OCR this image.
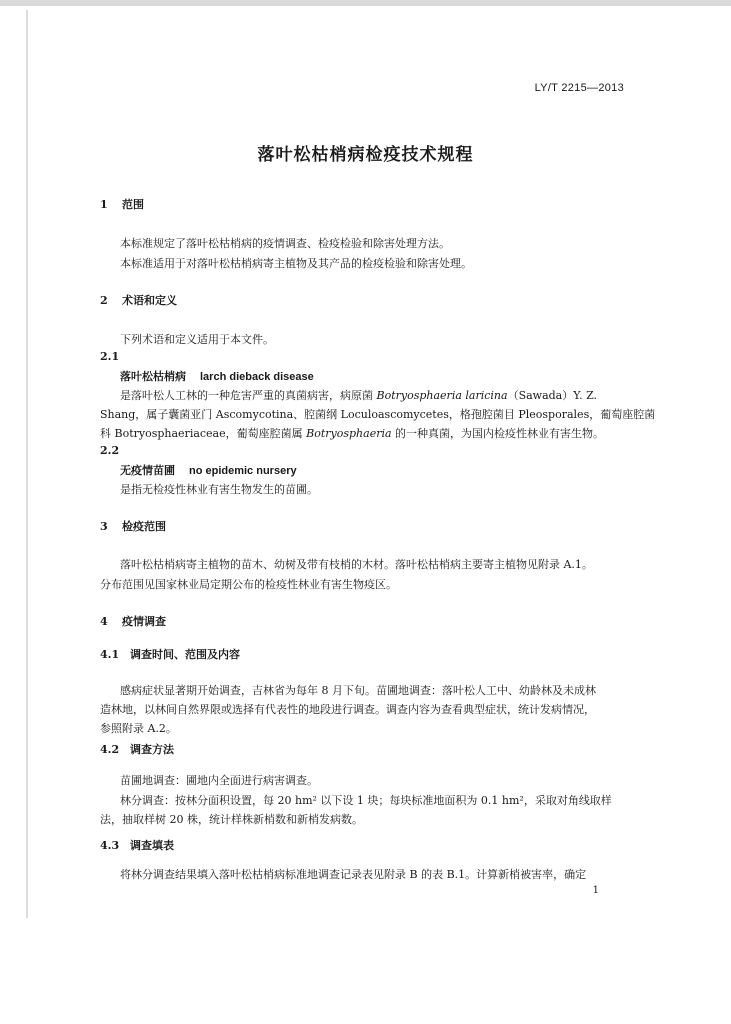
LY/T 2215—2013
落叶松枯梢病检疫技术规程
1 范围
本标准规定了落叶松枯梢病的疫情调查、检疫检验和除害处理方法。
本标准适用于对落叶松枯梢病寄主植物及其产品的检疫检验和除害处理。
2 术语和定义
下列术语和定义适用于本文件。
2.1
落叶松枯梢病 larch dieback disease
是落叶松人工林的一种危害严重的真菌病害，病原菌 Botryosphaeria laricina（Sawada）Y. Z.
Shang，属子囊菌亚门 Ascomycotina、腔菌纲 Loculoascomycetes，格孢腔菌目 Pleosporales，葡萄座腔菌
科 Botryosphaeriaceae，葡萄座腔菌属 Botryosphaeria 的一种真菌，为国内检疫性林业有害生物。
2.2
无疫情苗圃 no epidemic nursery
是指无检疫性林业有害生物发生的苗圃。
3 检疫范围
落叶松枯梢病寄主植物的苗木、幼树及带有枝梢的木材。落叶松枯梢病主要寄主植物见附录 A.1。
分布范围见国家林业局定期公布的检疫性林业有害生物疫区。
4 疫情调查
4.1 调查时间、范围及内容
感病症状显著期开始调查，吉林省为每年 8 月下旬。苗圃地调查：落叶松人工中、幼龄林及未成林
造林地，以林间自然界限或选择有代表性的地段进行调查。调查内容为查看典型症状，统计发病情况，
参照附录 A.2。
4.2 调查方法
苗圃地调查：圃地内全面进行病害调查。
林分调查：按林分面积设置，每 20 hm² 以下设 1 块；每块标准地面积为 0.1 hm²，采取对角线取样
法，抽取样树 20 株，统计样株新梢数和新梢发病数。
4.3 调查填表
将林分调查结果填入落叶松枯梢病标准地调查记录表见附录 B 的表 B.1。计算新梢被害率，确定
1
